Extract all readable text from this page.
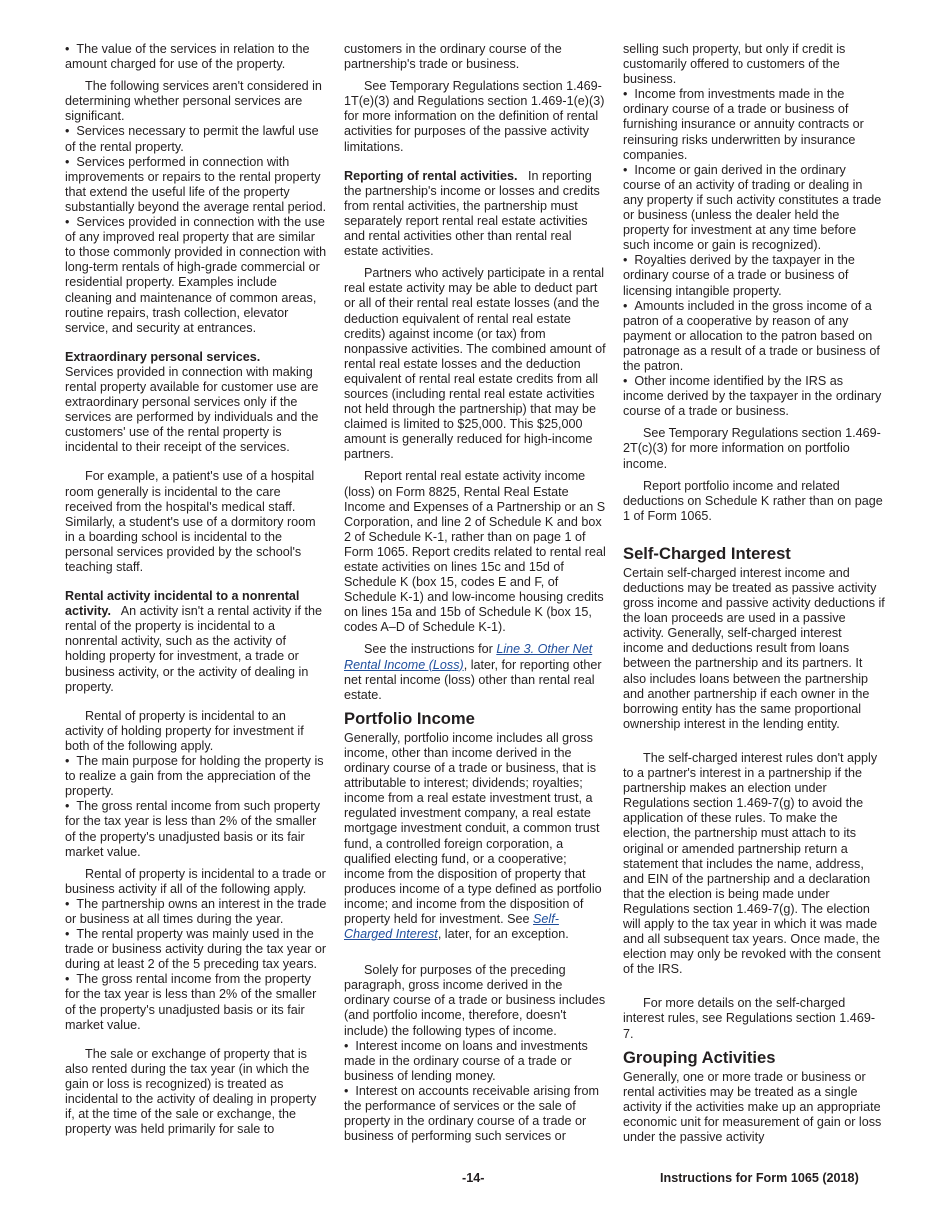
•  The value of the services in relation to the amount charged for use of the property.

The following services aren't considered in determining whether personal services are significant.

•  Services necessary to permit the lawful use of the rental property.

•  Services performed in connection with improvements or repairs to the rental property that extend the useful life of the property substantially beyond the average rental period.

•  Services provided in connection with the use of any improved real property that are similar to those commonly provided in connection with long-term rentals of high-grade commercial or residential property. Examples include cleaning and maintenance of common areas, routine repairs, trash collection, elevator service, and security at entrances.

Extraordinary personal services.

Services provided in connection with making rental property available for customer use are extraordinary personal services only if the services are performed by individuals and the customers' use of the rental property is incidental to their receipt of the services.

For example, a patient's use of a hospital room generally is incidental to the care received from the hospital's medical staff. Similarly, a student's use of a dormitory room in a boarding school is incidental to the personal services provided by the school's teaching staff.

Rental activity incidental to a nonrental activity. An activity isn't a rental activity if the rental of the property is incidental to a nonrental activity, such as the activity of holding property for investment, a trade or business activity, or the activity of dealing in property.

Rental of property is incidental to an activity of holding property for investment if both of the following apply.

•  The main purpose for holding the property is to realize a gain from the appreciation of the property.

•  The gross rental income from such property for the tax year is less than 2% of the smaller of the property's unadjusted basis or its fair market value.

Rental of property is incidental to a trade or business activity if all of the following apply.

•  The partnership owns an interest in the trade or business at all times during the year.

•  The rental property was mainly used in the trade or business activity during the tax year or during at least 2 of the 5 preceding tax years.

•  The gross rental income from the property for the tax year is less than 2% of the smaller of the property's unadjusted basis or its fair market value.

The sale or exchange of property that is also rented during the tax year (in which the gain or loss is recognized) is treated as incidental to the activity of dealing in property if, at the time of the sale or exchange, the property was held primarily for sale to

customers in the ordinary course of the partnership's trade or business.

See Temporary Regulations section 1.469-1T(e)(3) and Regulations section 1.469-1(e)(3) for more information on the definition of rental activities for purposes of the passive activity limitations.

Reporting of rental activities. In reporting the partnership's income or losses and credits from rental activities, the partnership must separately report rental real estate activities and rental activities other than rental real estate activities.

Partners who actively participate in a rental real estate activity may be able to deduct part or all of their rental real estate losses (and the deduction equivalent of rental real estate credits) against income (or tax) from nonpassive activities. The combined amount of rental real estate losses and the deduction equivalent of rental real estate credits from all sources (including rental real estate activities not held through the partnership) that may be claimed is limited to $25,000. This $25,000 amount is generally reduced for high-income partners.

Report rental real estate activity income (loss) on Form 8825, Rental Real Estate Income and Expenses of a Partnership or an S Corporation, and line 2 of Schedule K and box 2 of Schedule K-1, rather than on page 1 of Form 1065. Report credits related to rental real estate activities on lines 15c and 15d of Schedule K (box 15, codes E and F, of Schedule K-1) and low-income housing credits on lines 15a and 15b of Schedule K (box 15, codes A–D of Schedule K-1).

See the instructions for Line 3. Other Net Rental Income (Loss), later, for reporting other net rental income (loss) other than rental real estate.

Portfolio Income

Generally, portfolio income includes all gross income, other than income derived in the ordinary course of a trade or business, that is attributable to interest; dividends; royalties; income from a real estate investment trust, a regulated investment company, a real estate mortgage investment conduit, a common trust fund, a controlled foreign corporation, a qualified electing fund, or a cooperative; income from the disposition of property that produces income of a type defined as portfolio income; and income from the disposition of property held for investment. See Self-Charged Interest, later, for an exception.

Solely for purposes of the preceding paragraph, gross income derived in the ordinary course of a trade or business includes (and portfolio income, therefore, doesn't include) the following types of income.

•  Interest income on loans and investments made in the ordinary course of a trade or business of lending money.

•  Interest on accounts receivable arising from the performance of services or the sale of property in the ordinary course of a trade or business of performing such services or

selling such property, but only if credit is customarily offered to customers of the business.

•  Income from investments made in the ordinary course of a trade or business of furnishing insurance or annuity contracts or reinsuring risks underwritten by insurance companies.

•  Income or gain derived in the ordinary course of an activity of trading or dealing in any property if such activity constitutes a trade or business (unless the dealer held the property for investment at any time before such income or gain is recognized).

•  Royalties derived by the taxpayer in the ordinary course of a trade or business of licensing intangible property.

•  Amounts included in the gross income of a patron of a cooperative by reason of any payment or allocation to the patron based on patronage as a result of a trade or business of the patron.

•  Other income identified by the IRS as income derived by the taxpayer in the ordinary course of a trade or business.

See Temporary Regulations section 1.469-2T(c)(3) for more information on portfolio income.

Report portfolio income and related deductions on Schedule K rather than on page 1 of Form 1065.

Self-Charged Interest

Certain self-charged interest income and deductions may be treated as passive activity gross income and passive activity deductions if the loan proceeds are used in a passive activity. Generally, self-charged interest income and deductions result from loans between the partnership and its partners. It also includes loans between the partnership and another partnership if each owner in the borrowing entity has the same proportional ownership interest in the lending entity.

The self-charged interest rules don't apply to a partner's interest in a partnership if the partnership makes an election under Regulations section 1.469-7(g) to avoid the application of these rules. To make the election, the partnership must attach to its original or amended partnership return a statement that includes the name, address, and EIN of the partnership and a declaration that the election is being made under Regulations section 1.469-7(g). The election will apply to the tax year in which it was made and all subsequent tax years. Once made, the election may only be revoked with the consent of the IRS.

For more details on the self-charged interest rules, see Regulations section 1.469-7.

Grouping Activities

Generally, one or more trade or business or rental activities may be treated as a single activity if the activities make up an appropriate economic unit for measurement of gain or loss under the passive activity

-14-	Instructions for Form 1065 (2018)
